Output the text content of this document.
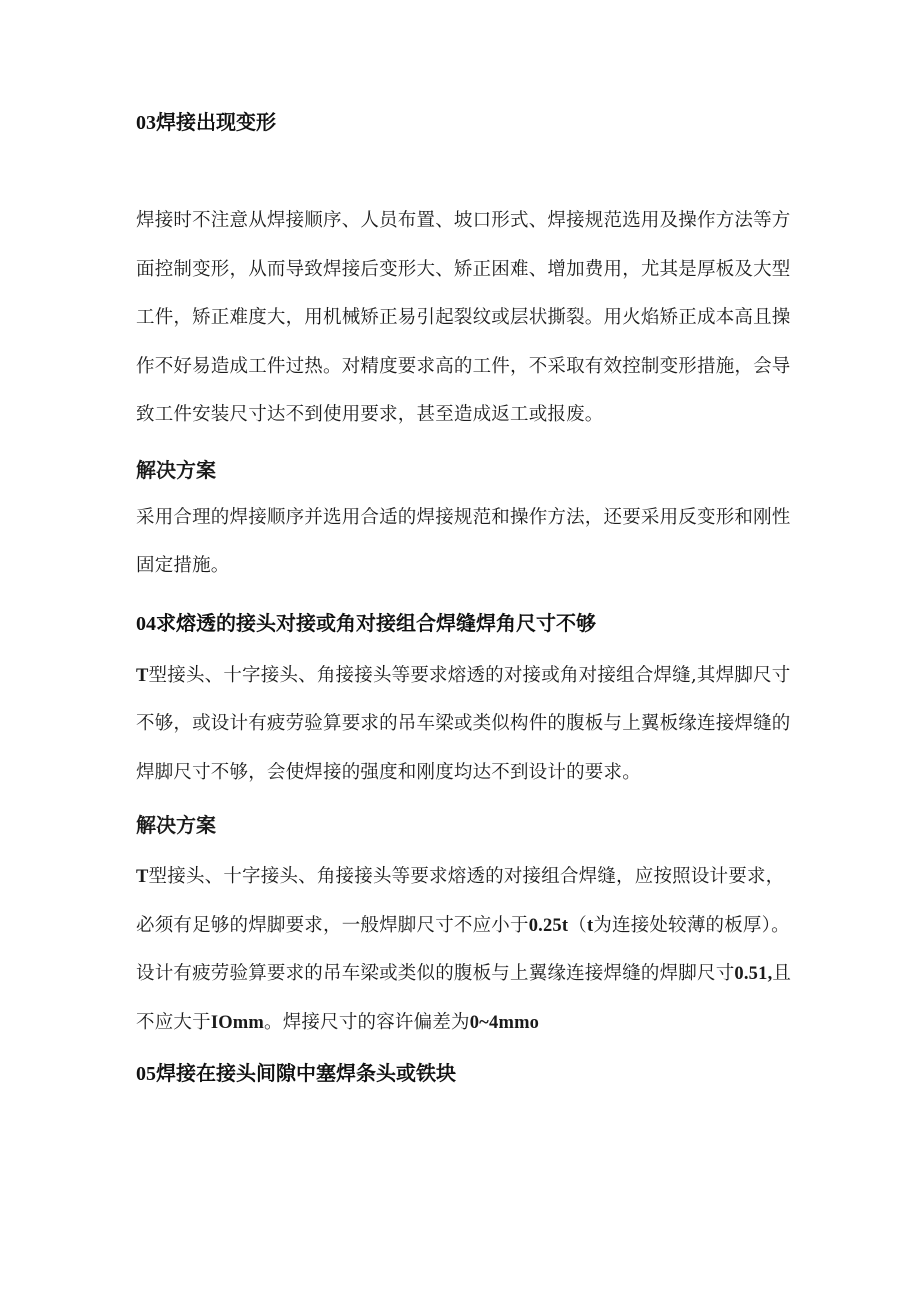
03焊接出现变形

焊接时不注意从焊接顺序、人员布置、坡口形式、焊接规范选用及操作方法等方面控制变形，从而导致焊接后变形大、矫正困难、增加费用，尤其是厚板及大型工件，矫正难度大，用机械矫正易引起裂纹或层状撕裂。用火焰矫正成本高且操作不好易造成工件过热。对精度要求高的工件，不采取有效控制变形措施，会导致工件安装尺寸达不到使用要求，甚至造成返工或报废。

解决方案

采用合理的焊接顺序并选用合适的焊接规范和操作方法，还要采用反变形和刚性固定措施。

04求熔透的接头对接或角对接组合焊缝焊角尺寸不够

T型接头、十字接头、角接接头等要求熔透的对接或角对接组合焊缝,其焊脚尺寸不够，或设计有疲劳验算要求的吊车梁或类似构件的腹板与上翼板缘连接焊缝的焊脚尺寸不够，会使焊接的强度和刚度均达不到设计的要求。

解决方案

T型接头、十字接头、角接接头等要求熔透的对接组合焊缝，应按照设计要求，必须有足够的焊脚要求，一般焊脚尺寸不应小于0.25t（t为连接处较薄的板厚）。设计有疲劳验算要求的吊车梁或类似的腹板与上翼缘连接焊缝的焊脚尺寸0.51,且不应大于IOmm。焊接尺寸的容许偏差为0~4mmo

05焊接在接头间隙中塞焊条头或铁块
